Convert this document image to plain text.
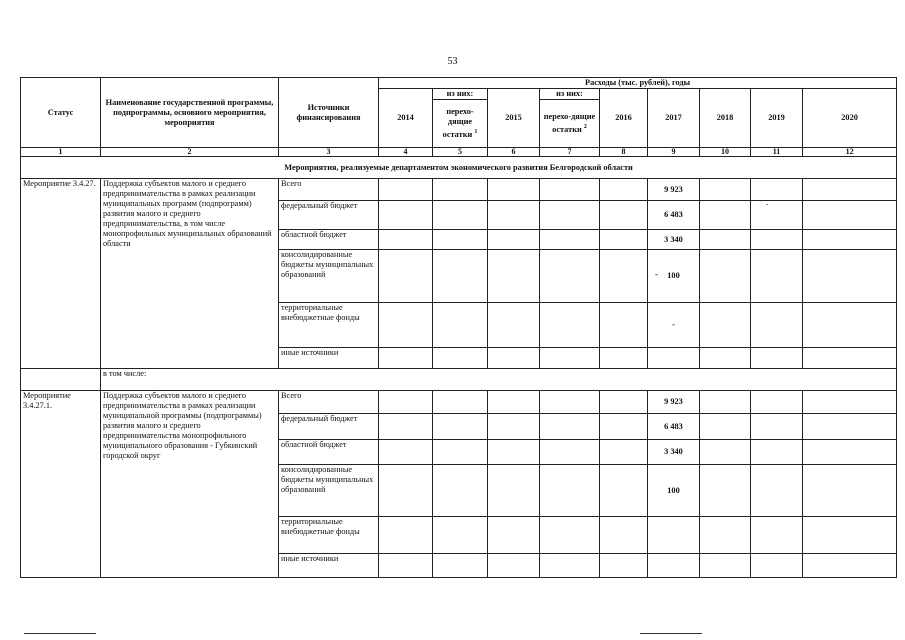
53
Статус	Наименование государственной программы, подпрограммы, основного мероприятия, мероприятия	Источники финансирования	Расходы (тыс. рублей), годы								
			2014	из них:	2015	из них:	2016	2017	2018	2019	2020
				перехо-дящие остатки $^1$		перехо-дящие остатки $^2$
1	2	3	4	5	6	7	8	9	10	11	12
Мероприятия, реализуемые департаментом экономического развития Белгородской области											
Мероприятие 3.4.27.	Поддержка субъектов малого и среднего предпринимательства в рамках реализации муниципальных программ (подпрограмм) развития малого и среднего предпринимательства, в том числе монопрофильных муниципальных образований области	Всего						9 923			
		федеральный бюджет						6 483			
		областной бюджет						3 340			
		консолидированные бюджеты муниципальных образований						100			
		территориальные внебюджетные фонды						-			
		иные источники									
	в том числе:										
Мероприятие 3.4.27.1.	Поддержка субъектов малого и среднего предпринимательства в рамках реализации муниципальной программы (подпрограммы) развития малого и среднего предпринимательства монопрофильного муниципального образования - Губкинский городской округ	Всего						9 923			
		федеральный бюджет						6 483			
		областной бюджет						3 340			
		консолидированные бюджеты муниципальных образований						100			
		территориальные внебюджетные фонды									
		иные источники									
.
-
